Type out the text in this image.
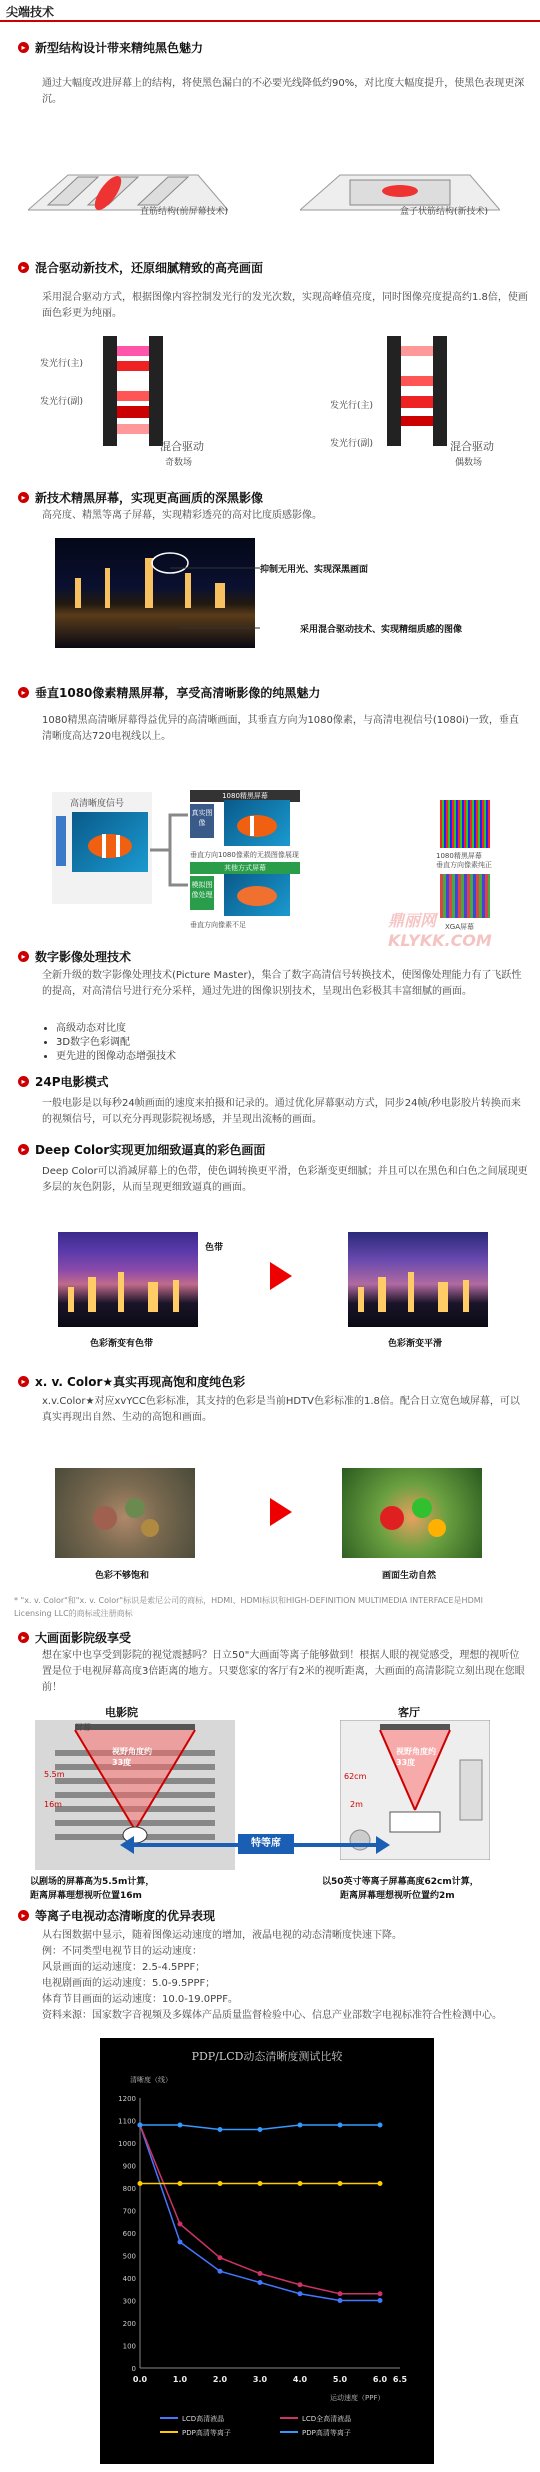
尖端技术
▸ 新型结构设计带来精纯黑色魅力
通过大幅度改进屏幕上的结构，将使黑色漏白的不必要光线降低约90%，对比度大幅度提升，使黑色表现更深沉。
直筋结构(前屏幕技术)	盒子状筋结构(新技术)
▸ 混合驱动新技术，还原细腻精致的高亮画面
采用混合驱动方式，根据图像内容控制发光行的发光次数，实现高峰值亮度，同时图像亮度提高约1.8倍，使画面色彩更为纯丽。
发光行(主)
发光行(副)
混合驱动
奇数场
发光行(主)
发光行(副)	混合驱动
偶数场
▸ 新技术精黑屏幕，实现更高画质的深黑影像
高亮度、精黑等离子屏幕，实现精彩透亮的高对比度质感影像。
抑制无用光、实现深黑画面
采用混合驱动技术、实现精细质感的图像
▸ 垂直1080像素精黑屏幕，享受高清晰影像的纯黑魅力
1080精黑高清晰屏幕得益优异的高清晰画面，其垂直方向为1080像素，与高清电视信号(1080i)一致，垂直清晰度高达720电视线以上。
高清晰度信号
1080精黑屏幕
真实图像
垂直方向1080像素的无损图像展现
其他方式屏幕
模拟图像处理
垂直方向像素不足
1080精黑屏幕
垂直方向像素纯正
XGA屏幕
鼎丽网 KLYKK.COM
▸ 数字影像处理技术
全新升级的数字影像处理技术(Picture Master)，集合了数字高清信号转换技术，使图像处理能力有了飞跃性的提高，对高清信号进行充分采样，通过先进的图像识别技术，呈现出色彩极其丰富细腻的画面。
• 高级动态对比度
• 3D数字色彩调配
• 更先进的图像动态增强技术
▸ 24P电影模式
一般电影是以每秒24帧画面的速度来拍摄和记录的。通过优化屏幕驱动方式，同步24帧/秒电影胶片转换而来的视频信号，可以充分再现影院视场感，并呈现出流畅的画面。
▸ Deep Color实现更加细致逼真的彩色画面
Deep Color可以消减屏幕上的色带，使色调转换更平滑，色彩渐变更细腻；并且可以在黑色和白色之间展现更多层的灰色阴影，从而呈现更细致逼真的画面。
色带
色彩渐变有色带	色彩渐变平滑
▸ x. v. Color★真实再现高饱和度纯色彩
x.v.Color★对应xvYCC色彩标准，其支持的色彩是当前HDTV色彩标准的1.8倍。配合日立宽色域屏幕，可以真实再现出自然、生动的高饱和画面。
色彩不够饱和	画面生动自然
* "x. v. Color"和"x. v. Color"标识是索尼公司的商标，HDMI、HDMI标识和HIGH-DEFINITION MULTIMEDIA INTERFACE是HDMI Licensing LLC的商标或注册商标
▸ 大画面影院级享受
想在家中也享受到影院的视觉震撼吗？日立50"大画面等离子能够做到！根据人眼的视觉感受，理想的视听位置是位于电视屏幕高度3倍距离的地方。只要您家的客厅有2米的视听距离，大画面的高清影院立刻出现在您眼前！
电影院	客厅
屏幕
视野角度约33度
5.5m
16m
视野角度约33度
62cm
2m
特等席
以剧场的屏幕高为5.5m计算，
距离屏幕理想视听位置16m
以50英寸等离子屏幕高度62cm计算，
距离屏幕理想视听位置约2m
▸ 等离子电视动态清晰度的优异表现
从右图数据中显示，随着图像运动速度的增加，液晶电视的动态清晰度快速下降。
例：不同类型电视节目的运动速度：
风景画面的运动速度：2.5-4.5PPF；
电视剧画面的运动速度：5.0-9.5PPF；
体育节目画面的运动速度：10.0-19.0PPF。
资料来源：国家数字音视频及多媒体产品质量监督检验中心、信息产业部数字电视标准符合性检测中心。
PDP/LCD动态清晰度测试比较
清晰度（线）
运动速度（PPF）
0
100
200
300
400
500
600
700
800
900
1000
1100
1200
0.0	1.0	2.0	3.0	4.0	5.0	6.0 6.5
LCD高清液晶	LCD全高清液晶
PDP高清等离子	PDP高清等离子
